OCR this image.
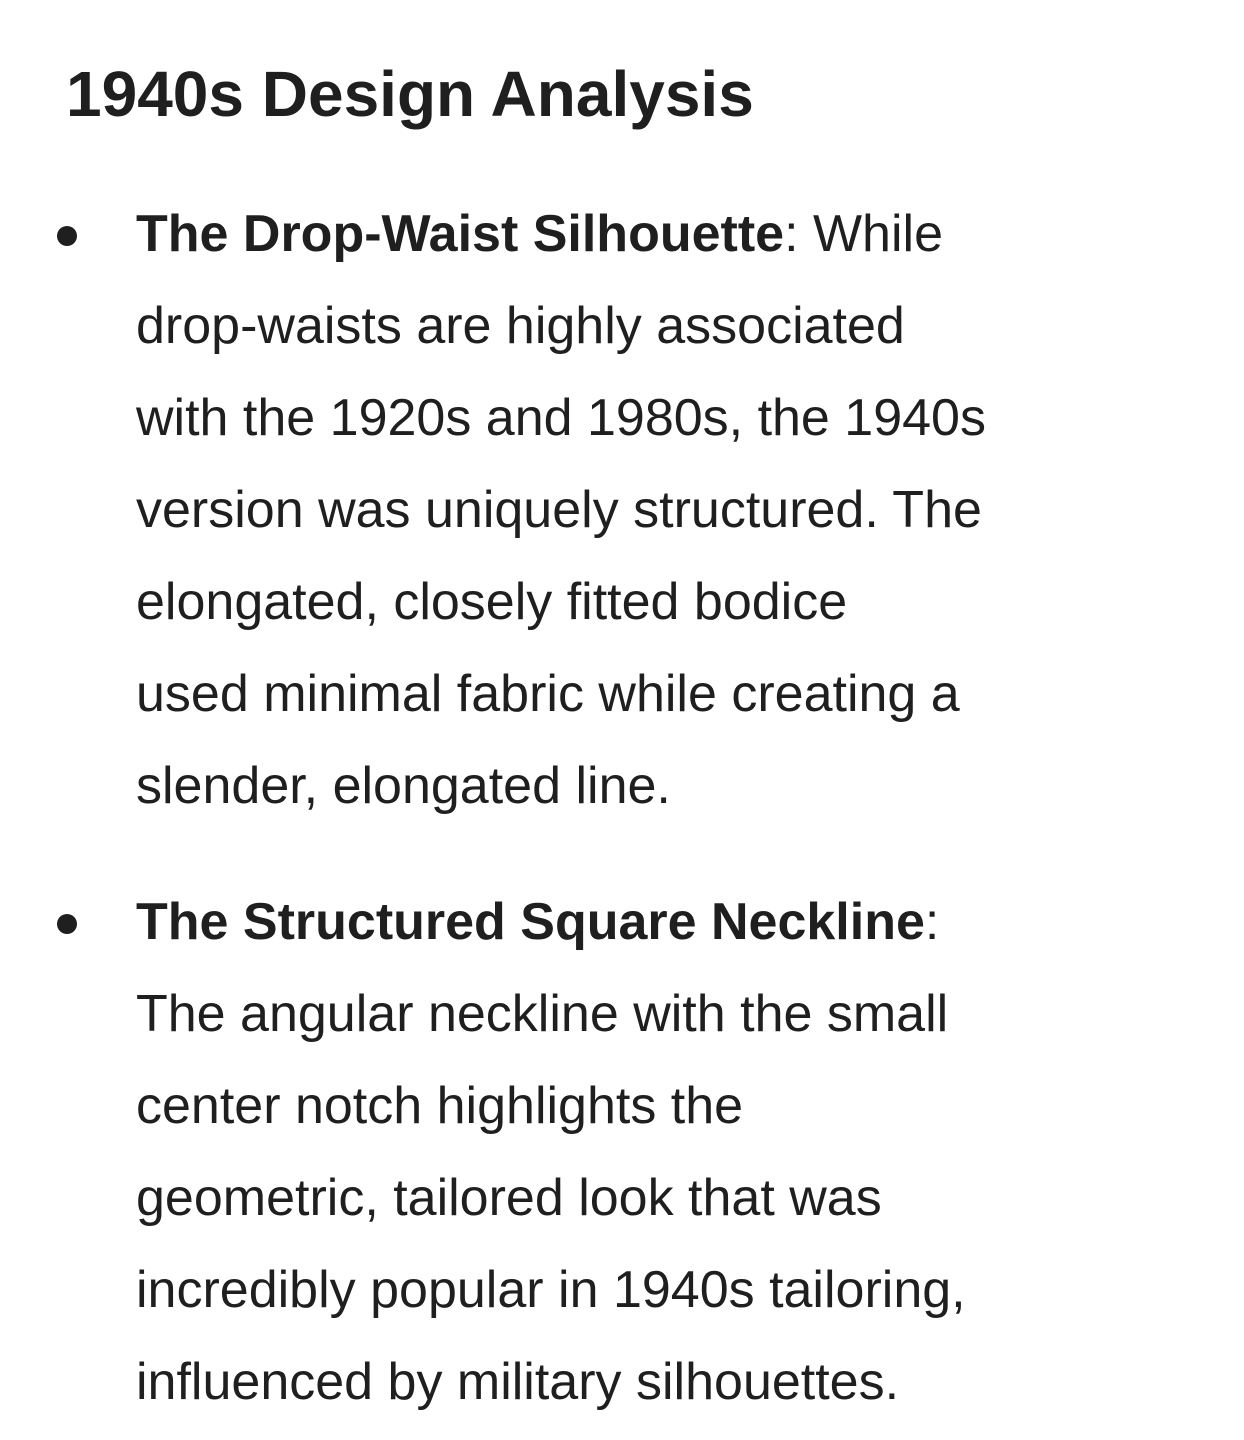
1940s Design Analysis
The Drop-Waist Silhouette: While
drop-waists are highly associated
with the 1920s and 1980s, the 1940s
version was uniquely structured. The
elongated, closely fitted bodice
used minimal fabric while creating a
slender, elongated line.
The Structured Square Neckline:
The angular neckline with the small
center notch highlights the
geometric, tailored look that was
incredibly popular in 1940s tailoring,
influenced by military silhouettes.
